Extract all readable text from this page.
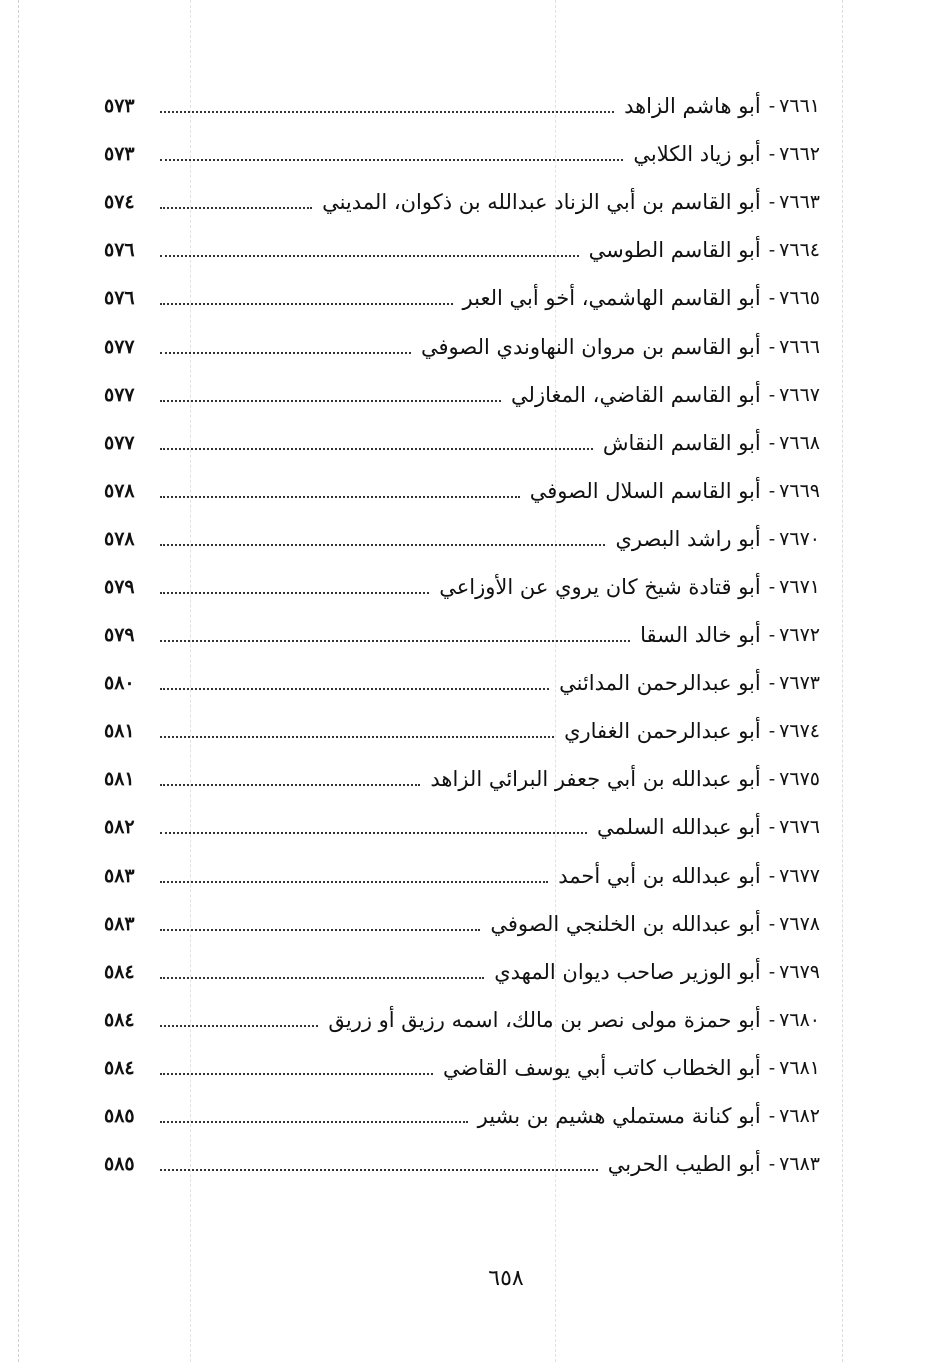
٧٦٦١
-
أبو هاشم الزاهد
٥٧٣
٧٦٦٢
-
أبو زياد الكلابي
٥٧٣
٧٦٦٣
-
أبو القاسم بن أبي الزناد عبدالله بن ذكوان، المديني
٥٧٤
٧٦٦٤
-
أبو القاسم الطوسي
٥٧٦
٧٦٦٥
-
أبو القاسم الهاشمي، أخو أبي العبر
٥٧٦
٧٦٦٦
-
أبو القاسم بن مروان النهاوندي الصوفي
٥٧٧
٧٦٦٧
-
أبو القاسم القاضي، المغازلي
٥٧٧
٧٦٦٨
-
أبو القاسم النقاش
٥٧٧
٧٦٦٩
-
أبو القاسم السلال الصوفي
٥٧٨
٧٦٧٠
-
أبو راشد البصري
٥٧٨
٧٦٧١
-
أبو قتادة شيخ كان يروي عن الأوزاعي
٥٧٩
٧٦٧٢
-
أبو خالد السقا
٥٧٩
٧٦٧٣
-
أبو عبدالرحمن المدائني
٥٨٠
٧٦٧٤
-
أبو عبدالرحمن الغفاري
٥٨١
٧٦٧٥
-
أبو عبدالله بن أبي جعفر البرائي الزاهد
٥٨١
٧٦٧٦
-
أبو عبدالله السلمي
٥٨٢
٧٦٧٧
-
أبو عبدالله بن أبي أحمد
٥٨٣
٧٦٧٨
-
أبو عبدالله بن الخلنجي الصوفي
٥٨٣
٧٦٧٩
-
أبو الوزير صاحب ديوان المهدي
٥٨٤
٧٦٨٠
-
أبو حمزة مولى نصر بن مالك، اسمه رزيق أو زريق
٥٨٤
٧٦٨١
-
أبو الخطاب كاتب أبي يوسف القاضي
٥٨٤
٧٦٨٢
-
أبو كنانة مستملي هشيم بن بشير
٥٨٥
٧٦٨٣
-
أبو الطيب الحربي
٥٨٥
٦٥٨
